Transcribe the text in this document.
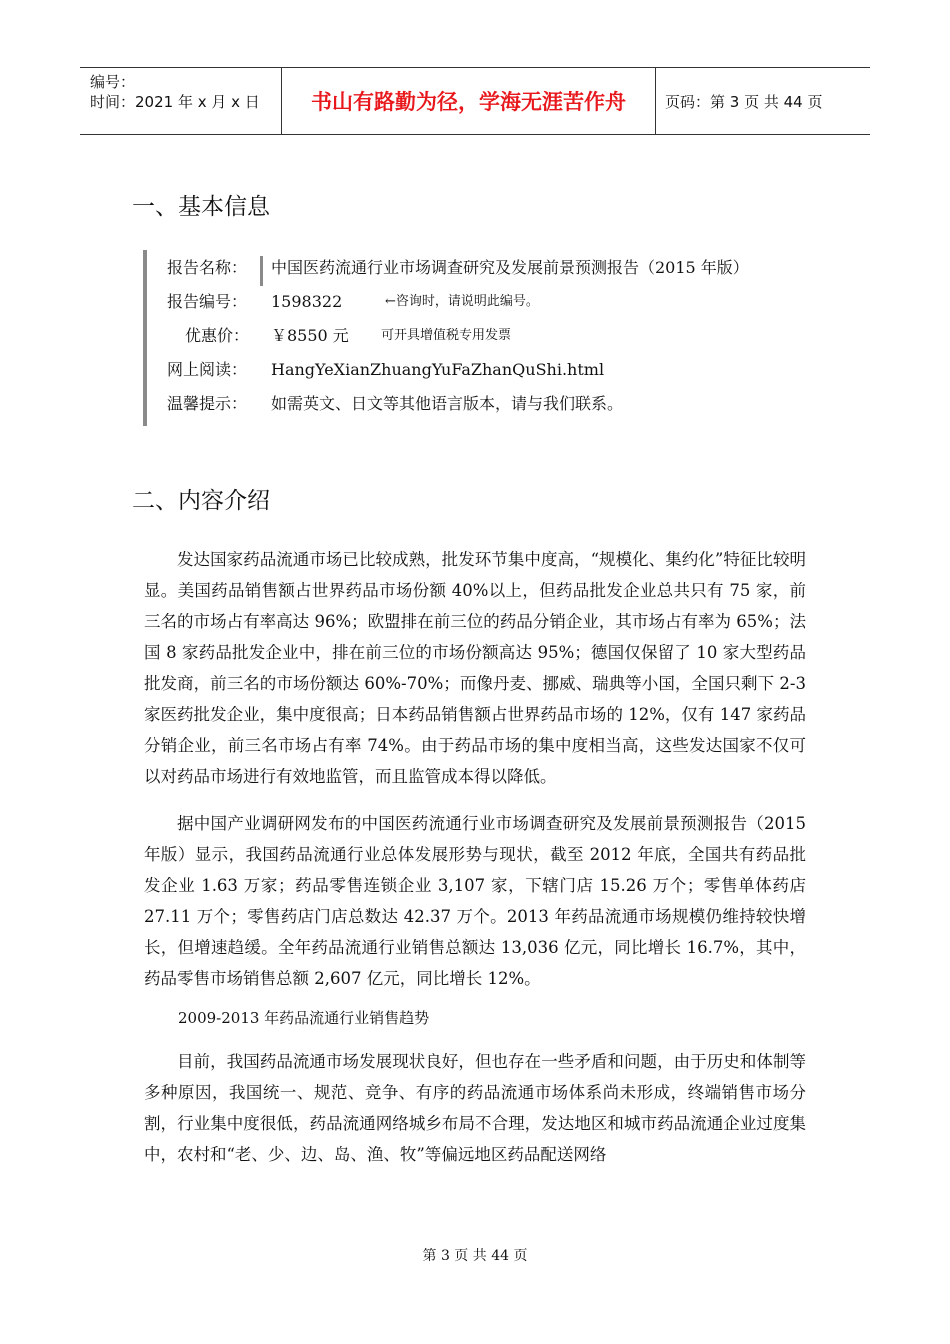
编号：
时间：2021 年 x 月 x 日	书山有路勤为径，学海无涯苦作舟	页码：第 3 页 共 44 页
一、基本信息
报告名称： 中国医药流通行业市场调查研究及发展前景预测报告（2015 年版）
报告编号： 1598322	←咨询时，请说明此编号。
优惠价：	￥8550 元 可开具增值税专用发票
网上阅读： HangYeXianZhuangYuFaZhanQuShi.html
温馨提示： 如需英文、日文等其他语言版本，请与我们联系。
二、内容介绍

发达国家药品流通市场已比较成熟，批发环节集中度高，“规模化、集约化”特征比较明显。美国药品销售额占世界药品市场份额 40%以上，但药品批发企业总共只有 75 家，前三名的市场占有率高达 96%；欧盟排在前三位的药品分销企业，其市场占有率为 65%；法国 8 家药品批发企业中，排在前三位的市场份额高达 95%；德国仅保留了 10 家大型药品批发商，前三名的市场份额达 60%-70%；而像丹麦、挪威、瑞典等小国，全国只剩下 2-3 家医药批发企业，集中度很高；日本药品销售额占世界药品市场的 12%，仅有 147 家药品分销企业，前三名市场占有率 74%。由于药品市场的集中度相当高，这些发达国家不仅可以对药品市场进行有效地监管，而且监管成本得以降低。

据中国产业调研网发布的中国医药流通行业市场调查研究及发展前景预测报告（2015 年版）显示，我国药品流通行业总体发展形势与现状，截至 2012 年底，全国共有药品批发企业 1.63 万家；药品零售连锁企业 3,107 家，下辖门店 15.26 万个；零售单体药店 27.11 万个；零售药店门店总数达 42.37 万个。2013 年药品流通市场规模仍维持较快增长，但增速趋缓。全年药品流通行业销售总额达 13,036 亿元，同比增长 16.7%，其中，药品零售市场销售总额 2,607 亿元，同比增长 12%。

2009-2013 年药品流通行业销售趋势

目前，我国药品流通市场发展现状良好，但也存在一些矛盾和问题，由于历史和体制等多种原因，我国统一、规范、竞争、有序的药品流通市场体系尚未形成，终端销售市场分割，行业集中度很低，药品流通网络城乡布局不合理，发达地区和城市药品流通企业过度集中，农村和“老、少、边、岛、渔、牧”等偏远地区药品配送网络

第 3 页 共 44 页
